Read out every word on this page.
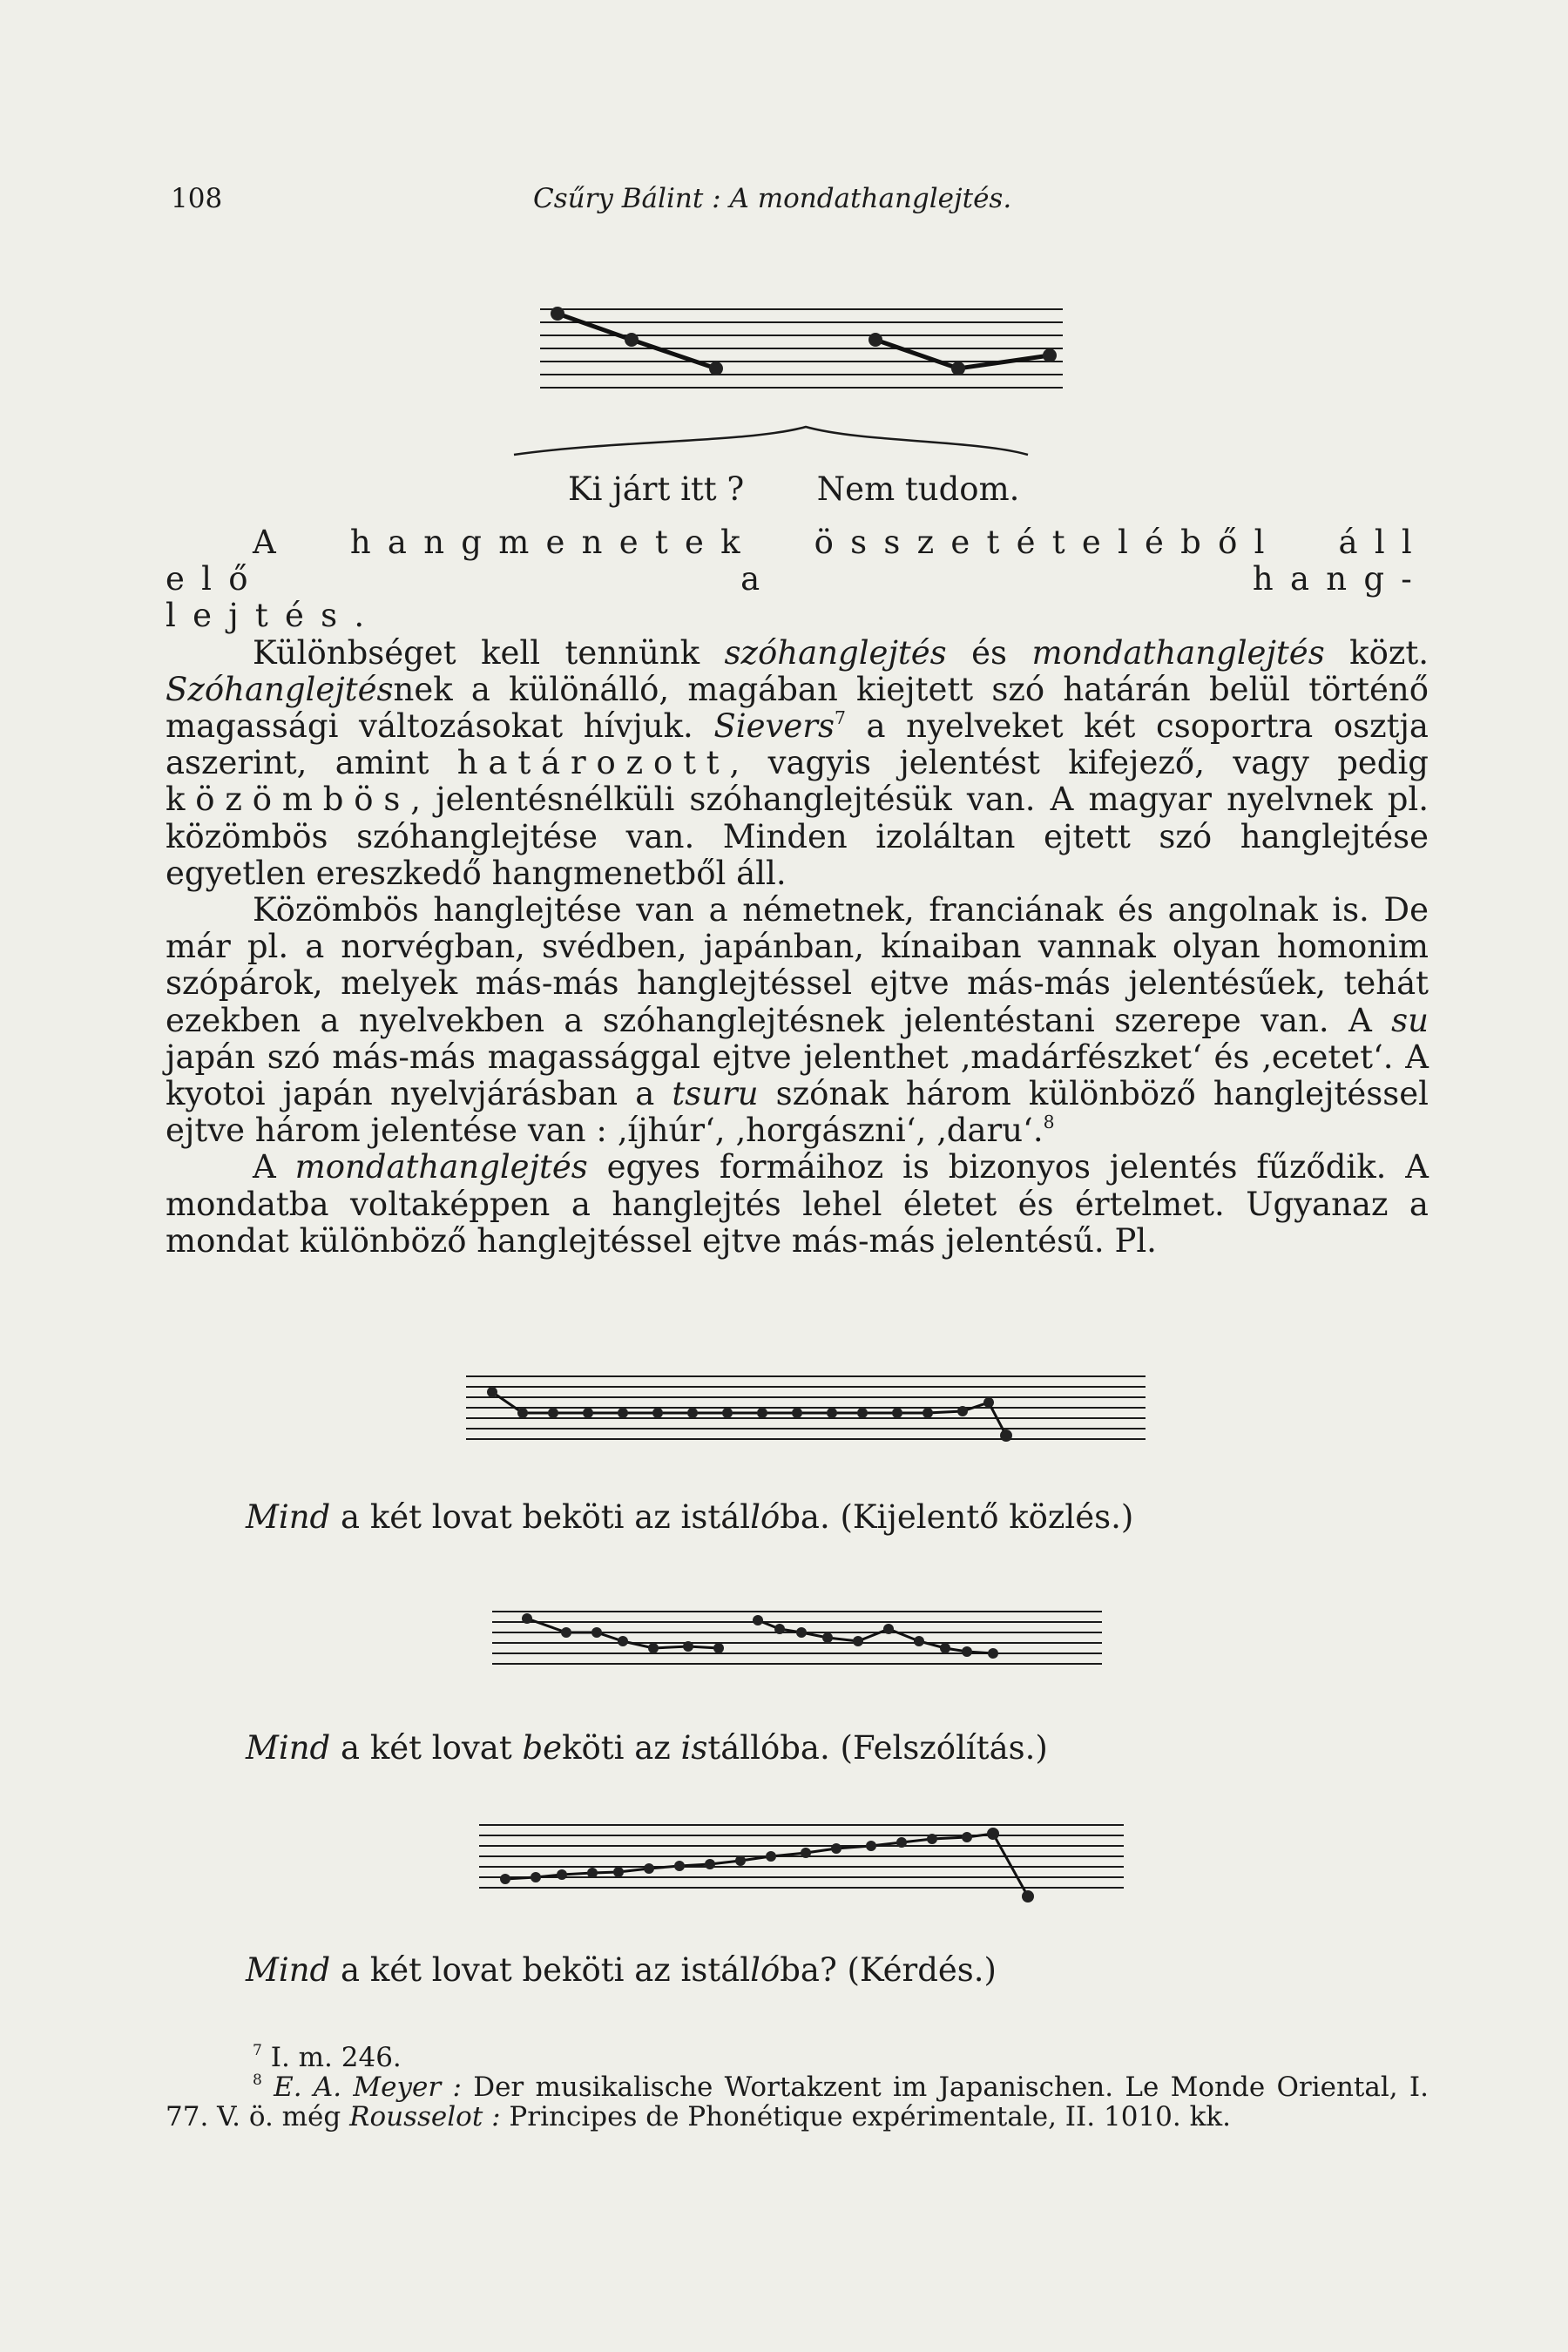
108	Csűry Bálint : A mondathanglejtés.
Ki járt itt ? Nem tudom.

A hangmenetek összetételéből áll elő a hang-

lejtés.

Különbséget kell tennünk szóhanglejtés és mondathanglejtés közt. Szóhanglejtésnek a különálló, magában kiejtett szó határán belül történő magassági változásokat hívjuk. Sievers$^7$ a nyelveket két csoportra osztja aszerint, amint határozott, vagyis jelentést kifejező, vagy pedig közömbös, jelentésnélküli szóhanglejtésük van. A magyar nyelvnek pl. közömbös szóhanglejtése van. Minden izoláltan ejtett szó hanglejtése egyetlen ereszkedő hangmenetből áll.

Közömbös hanglejtése van a németnek, franciának és angolnak is. De már pl. a norvégban, svédben, japánban, kínaiban vannak olyan homonim szópárok, melyek más-más hanglejtéssel ejtve más-más jelentésűek, tehát ezekben a nyelvekben a szóhanglejtésnek jelentéstani szerepe van. A su japán szó más-más magassággal ejtve jelenthet ‚madárfészket‘ és ‚ecetet‘. A kyotoi japán nyelvjárásban a tsuru szónak három különböző hanglejtéssel ejtve három jelentése van : ‚íjhúr‘, ‚horgászni‘, ‚daru‘.$^8$

A mondathanglejtés egyes formáihoz is bizonyos jelentés fűződik. A mondatba voltaképpen a hanglejtés lehel életet és értelmet. Ugyanaz a mondat különböző hanglejtéssel ejtve más-más jelentésű. Pl.

Mind a két lovat beköti az istállóba. (Kijelentő közlés.)
Mind a két lovat beköti az istállóba. (Felszólítás.)
Mind a két lovat beköti az istállóba? (Kérdés.)

$^7$ I. m. 246.

$^8$ E. A. Meyer : Der musikalische Wortakzent im Japanischen. Le Monde Oriental, I. 77. V. ö. még Rousselot : Principes de Phonétique expérimentale, II. 1010. kk.
